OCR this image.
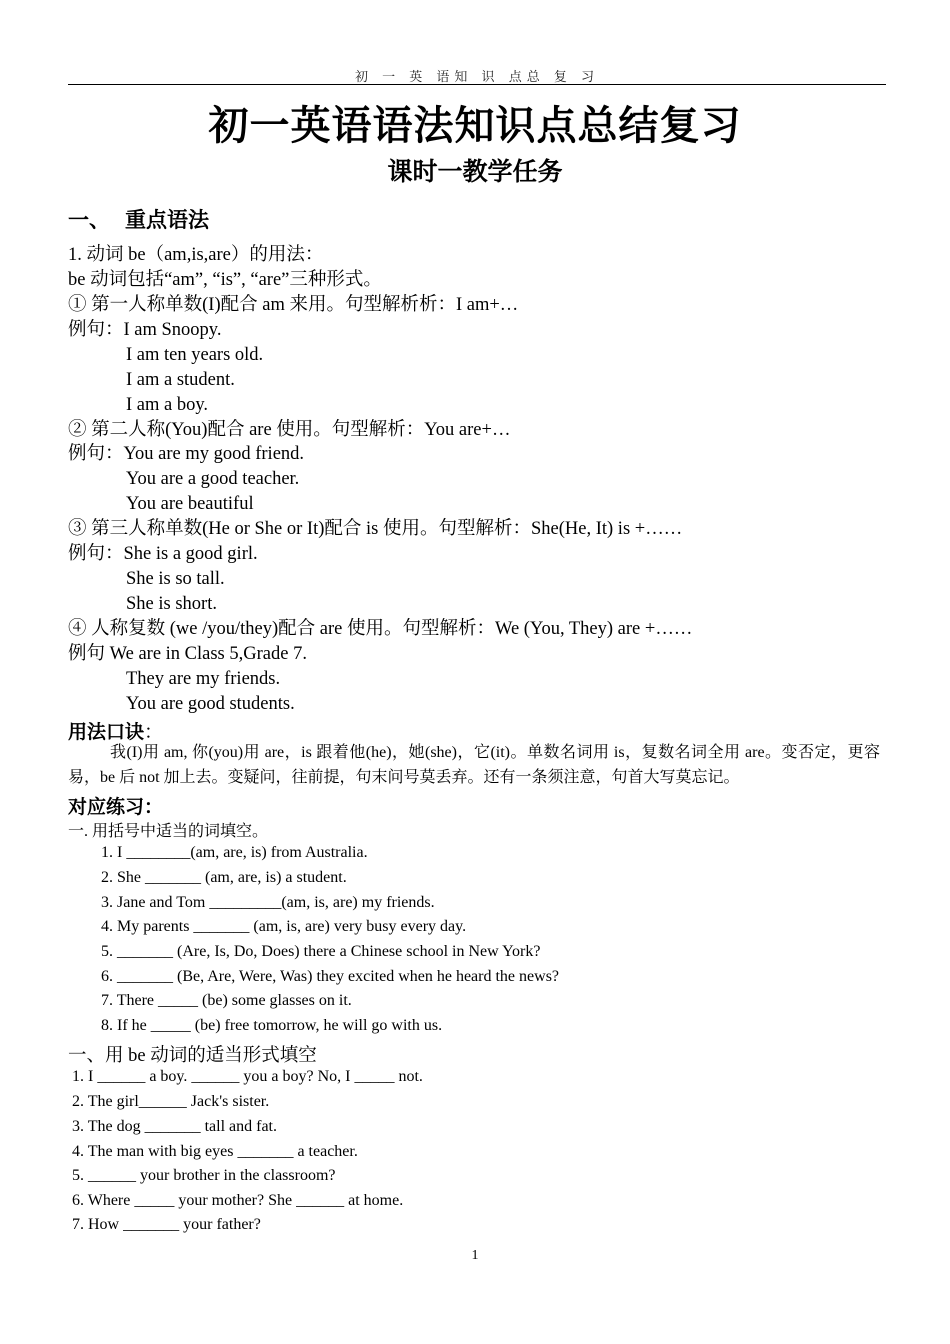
初 一 英 语知 识 点总 复 习
初一英语语法知识点总结复习
课时一教学任务
一、 重点语法
1. 动词 be（am,is,are）的用法：
be 动词包括“am”, “is”, “are”三种形式。
① 第一人称单数(I)配合 am 来用。句型解析析：I am+…
例句：I am Snoopy.
I am ten years old.
I am a student.
I am a boy.
② 第二人称(You)配合 are 使用。句型解析：You are+…
例句：You are my good friend.
You are a good teacher.
You are beautiful
③ 第三人称单数(He or She or It)配合 is 使用。句型解析：She(He, It) is +……
例句：She is a good girl.
She is so tall.
She is short.
④ 人称复数 (we /you/they)配合 are 使用。句型解析：We (You, They) are +……
例句 We are in Class 5,Grade 7.
They are my friends.
You are good students.
用法口诀：
我(I)用 am, 你(you)用 are，is 跟着他(he)，她(she)，它(it)。单数名词用 is，复数名词全用 are。变否定，更容易，be 后 not 加上去。变疑问，往前提，句末问号莫丢弃。还有一条须注意，句首大写莫忘记。
对应练习：
一. 用括号中适当的词填空。
1. I ________(am, are, is) from Australia.
2. She _______ (am, are, is) a student.
3. Jane and Tom _________(am, is, are) my friends.
4. My parents _______ (am, is, are) very busy every day.
5. _______ (Are, Is, Do, Does) there a Chinese school in New York?
6. _______ (Be, Are, Were, Was) they excited when he heard the news?
7. There _____ (be) some glasses on it.
8. If he _____ (be) free tomorrow, he will go with us.
一、用 be 动词的适当形式填空
1. I ______ a boy. ______ you a boy? No, I _____ not.
2. The girl______ Jack's sister.
3. The dog _______ tall and fat.
4. The man with big eyes _______ a teacher.
5. ______ your brother in the classroom?
6. Where _____ your mother? She ______ at home.
7. How _______ your father?
1
